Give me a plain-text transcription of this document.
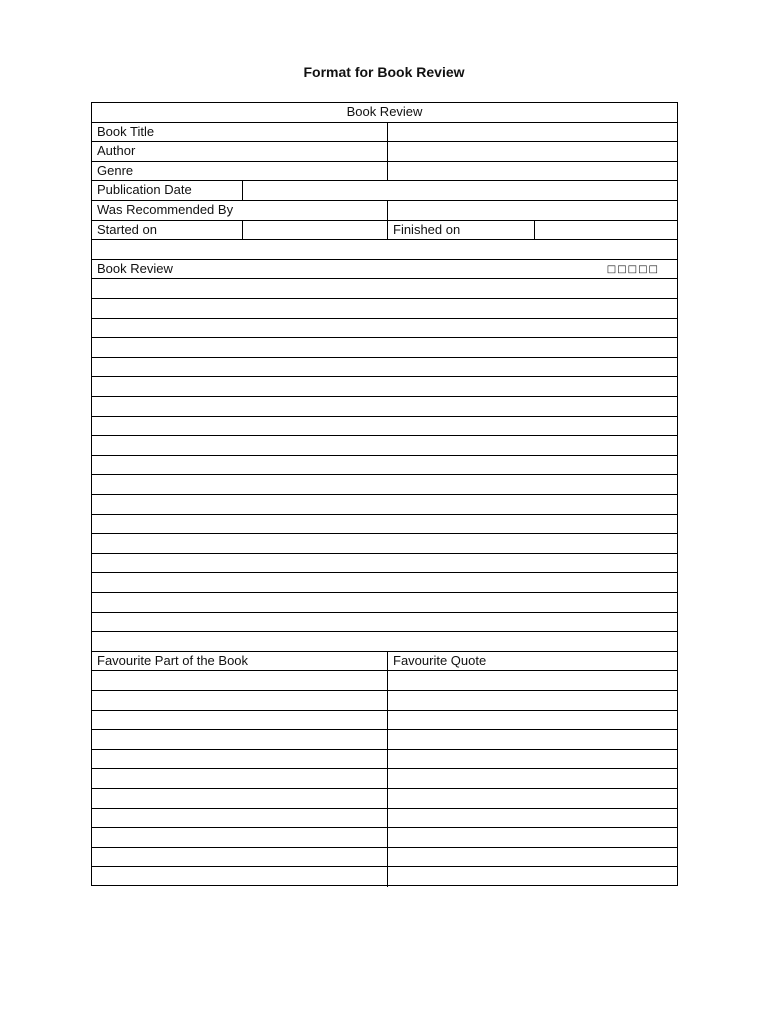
Format for Book Review
Book Review
Book Title
Author
Genre
Publication Date
Was Recommended By
Started on	Finished on
Book Review	□□□□□
Favourite Part of the Book	Favourite Quote
